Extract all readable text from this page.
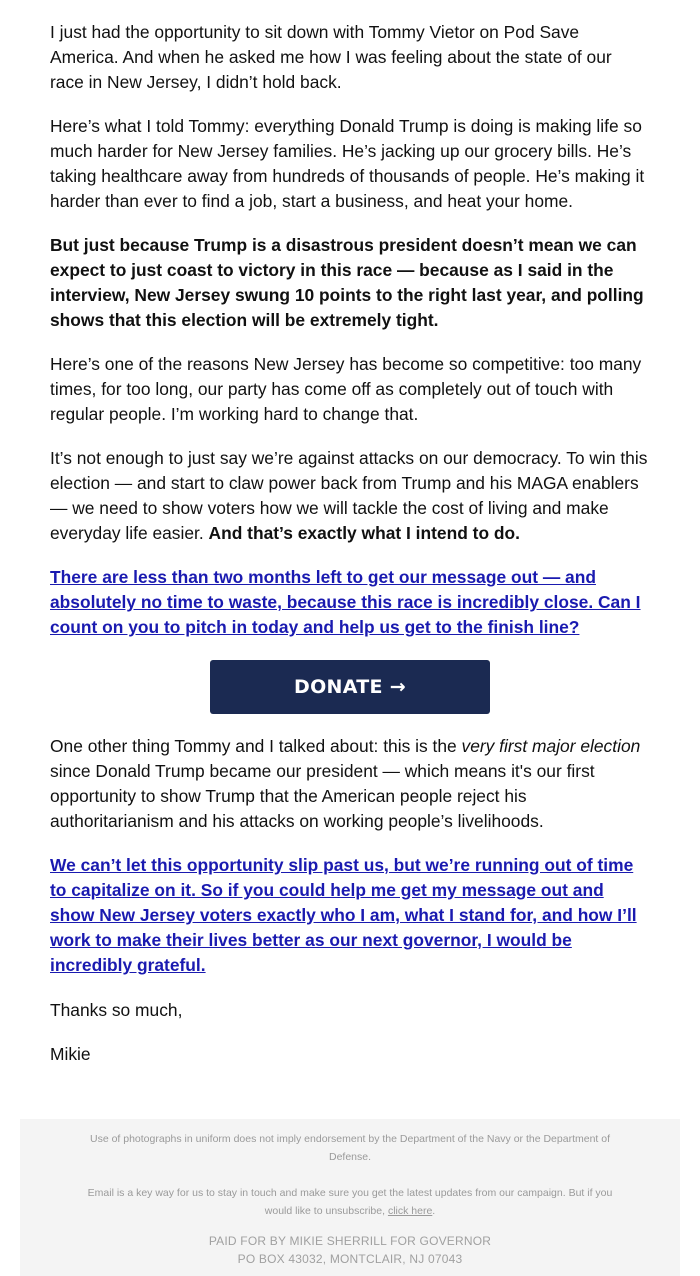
I just had the opportunity to sit down with Tommy Vietor on Pod Save America. And when he asked me how I was feeling about the state of our race in New Jersey, I didn’t hold back.

Here’s what I told Tommy: everything Donald Trump is doing is making life so much harder for New Jersey families. He’s jacking up our grocery bills. He’s taking healthcare away from hundreds of thousands of people. He’s making it harder than ever to find a job, start a business, and heat your home.

But just because Trump is a disastrous president doesn’t mean we can expect to just coast to victory in this race — because as I said in the interview, New Jersey swung 10 points to the right last year, and polling shows that this election will be extremely tight.

Here’s one of the reasons New Jersey has become so competitive: too many times, for too long, our party has come off as completely out of touch with regular people. I’m working hard to change that.

It’s not enough to just say we’re against attacks on our democracy. To win this election — and start to claw power back from Trump and his MAGA enablers — we need to show voters how we will tackle the cost of living and make everyday life easier. And that’s exactly what I intend to do.

There are less than two months left to get our message out — and absolutely no time to waste, because this race is incredibly close. Can I count on you to pitch in today and help us get to the finish line?

DONATE →

One other thing Tommy and I talked about: this is the very first major election since Donald Trump became our president — which means it's our first opportunity to show Trump that the American people reject his authoritarianism and his attacks on working people’s livelihoods.

We can’t let this opportunity slip past us, but we’re running out of time to capitalize on it. So if you could help me get my message out and show New Jersey voters exactly who I am, what I stand for, and how I’ll work to make their lives better as our next governor, I would be incredibly grateful.

Thanks so much,

Mikie

Use of photographs in uniform does not imply endorsement by the Department of the Navy or the Department of Defense.
Email is a key way for us to stay in touch and make sure you get the latest updates from our campaign. But if you would like to unsubscribe, click here.
PAID FOR BY MIKIE SHERRILL FOR GOVERNOR
PO BOX 43032, MONTCLAIR, NJ 07043
